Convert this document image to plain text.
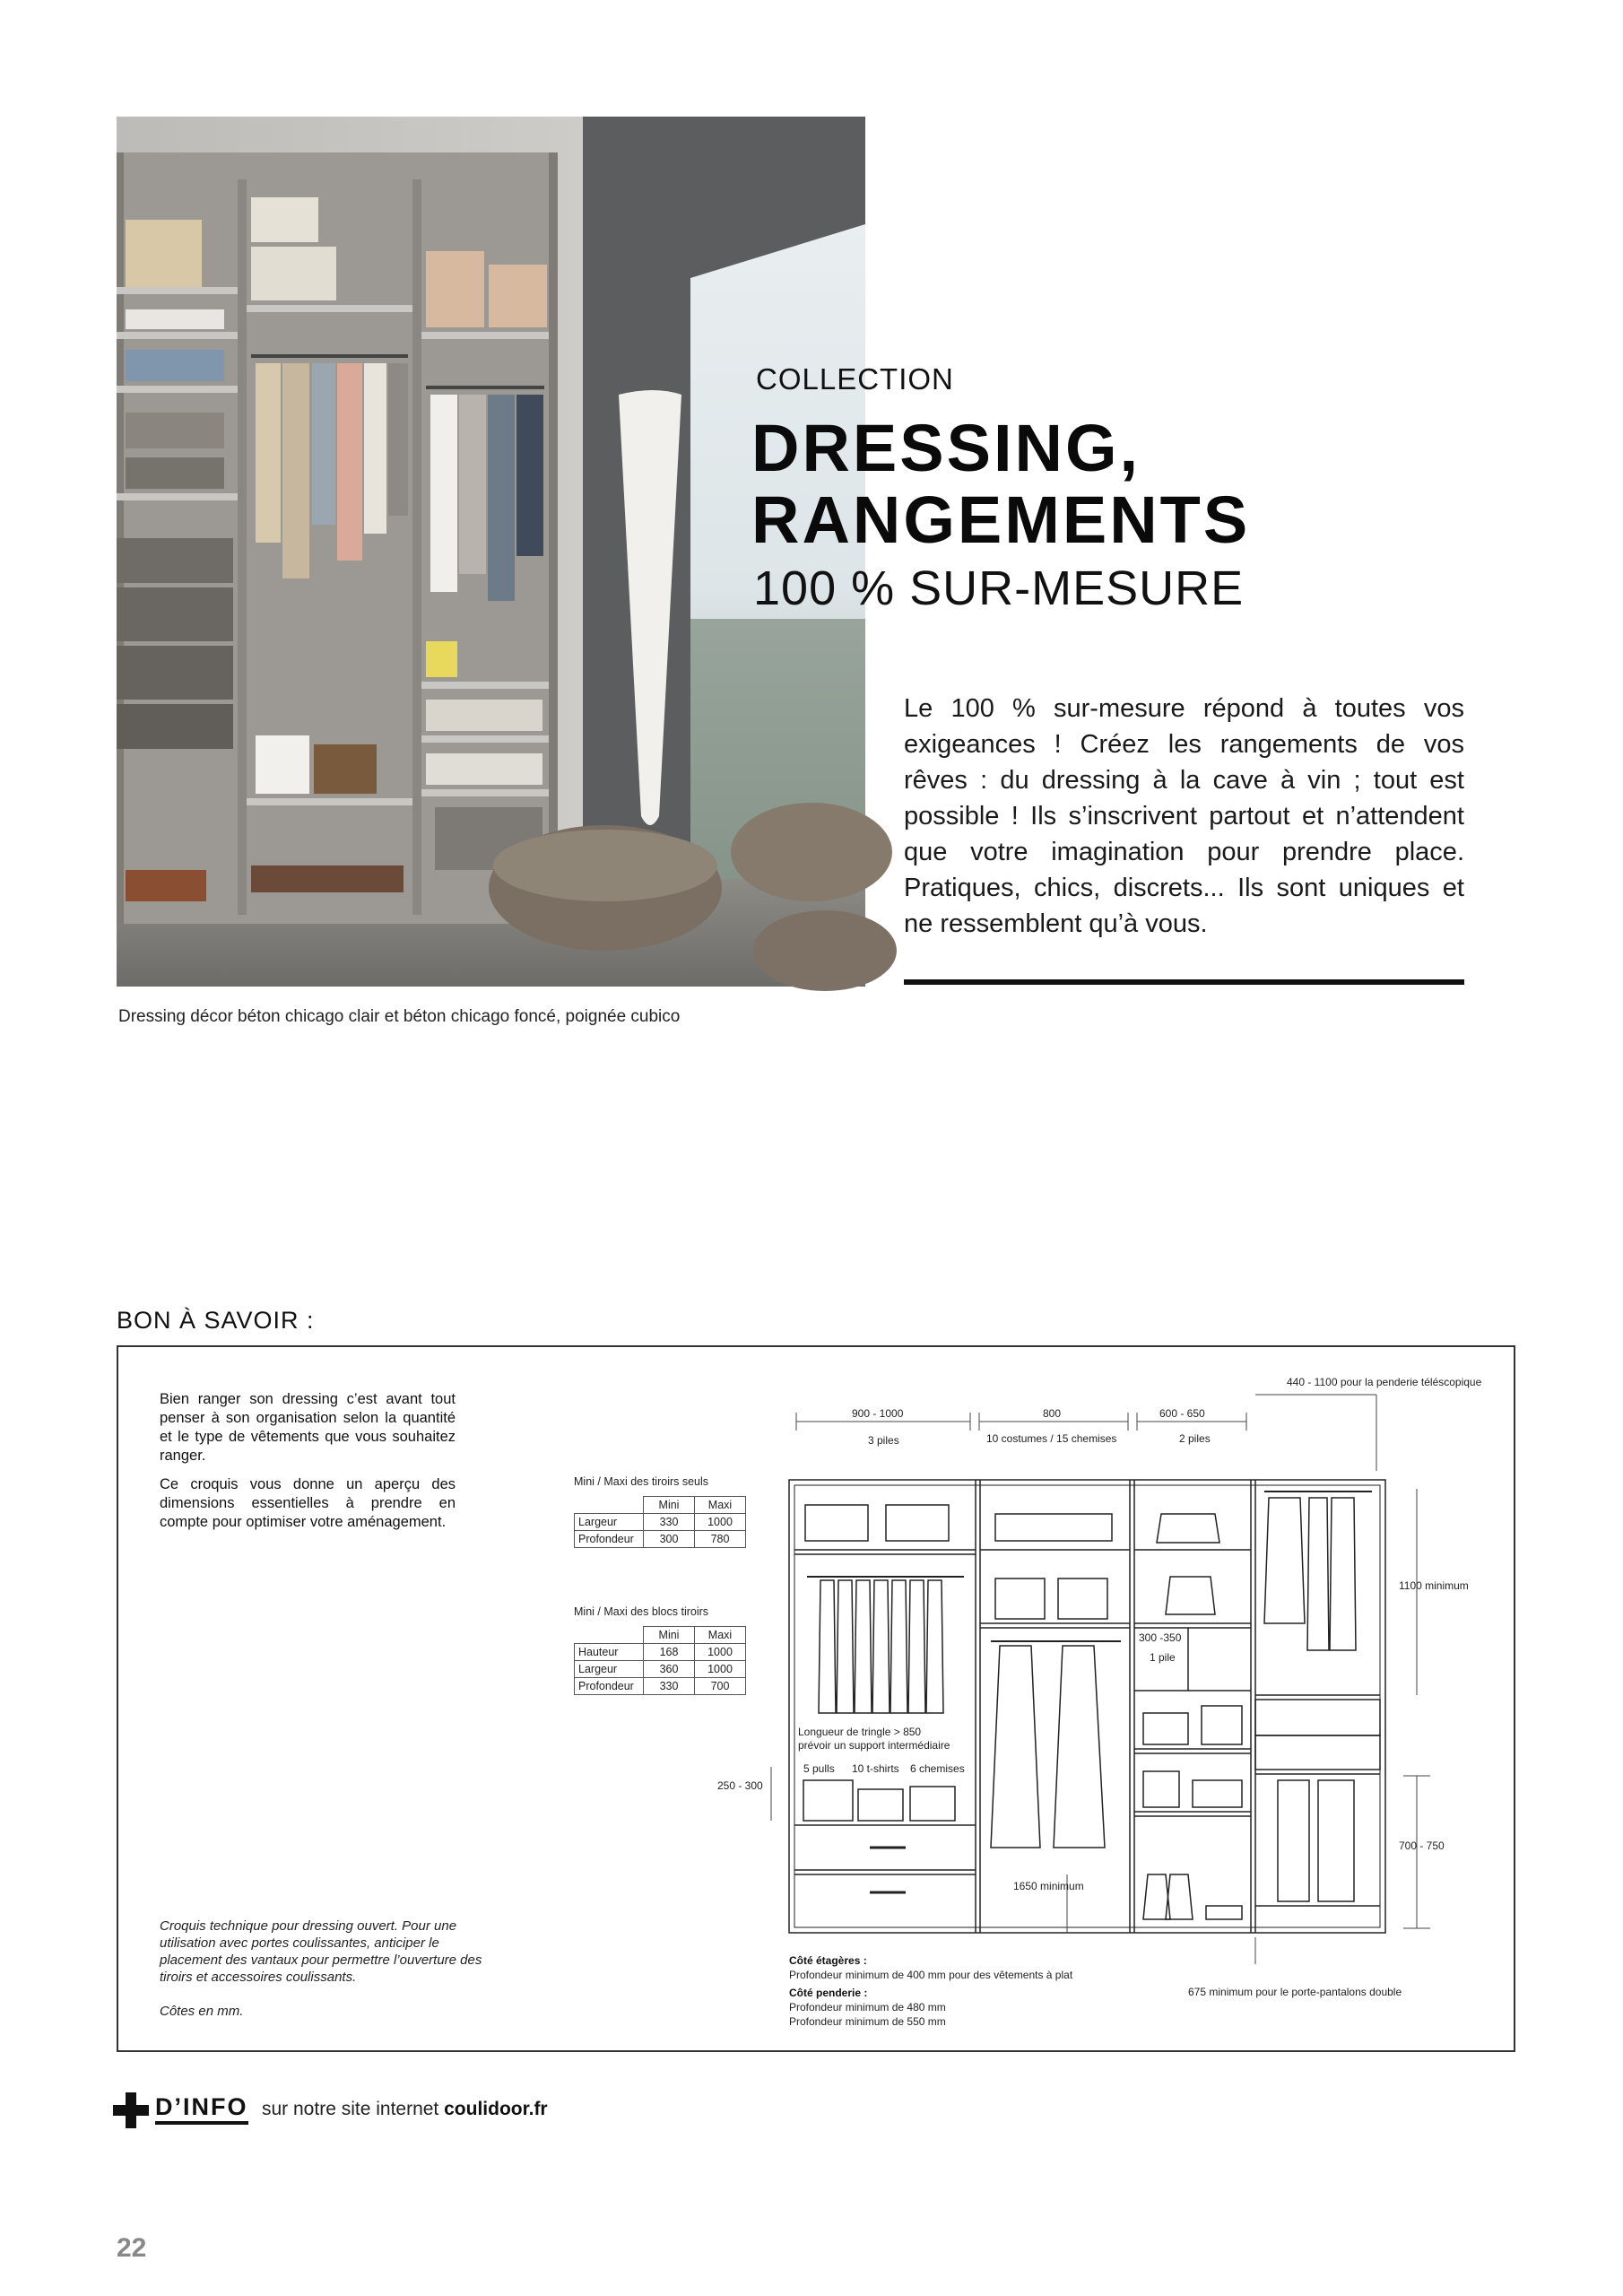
Dressing décor béton chicago clair et béton chicago foncé, poignée cubico
COLLECTION
DRESSING,
RANGEMENTS
100 % SUR-MESURE
Le 100 % sur-mesure répond à toutes vos exigeances ! Créez les rangements de vos rêves : du dressing à la cave à vin ; tout est possible ! Ils s’inscrivent partout et n’attendent que votre imagination pour prendre place. Pratiques, chics, discrets... Ils sont uniques et ne ressemblent qu’à vous.
BON À SAVOIR :
Bien ranger son dressing c’est avant tout penser à son organisation selon la quantité et le type de vêtements que vous souhaitez ranger.
Ce croquis vous donne un aperçu des dimensions essentielles à prendre en compte pour optimiser votre aménagement.
Croquis technique pour dressing ouvert. Pour une utilisation avec portes coulissantes, anticiper le placement des vantaux pour permettre l’ouverture des tiroirs et accessoires coulissants.
Côtes en mm.
Mini / Maxi des tiroirs seuls
	Mini	Maxi
Largeur	330	1000
Profondeur	300	780
Mini / Maxi des blocs tiroirs
	Mini	Maxi
Hauteur	168	1000
Largeur	360	1000
Profondeur	330	700
440 - 1100 pour la penderie téléscopique
900 - 1000
3 piles
800
10 costumes / 15 chemises
600 - 650
2 piles
1100 minimum
700 - 750
250 - 300
300 -350
1 pile
Longueur de tringle > 850
prévoir un support intermédiaire
5 pulls 10 t-shirts 6 chemises
1650 minimum
Côté étagères :
Profondeur minimum de 400 mm pour des vêtements à plat
Côté penderie :
Profondeur minimum de 480 mm
Profondeur minimum de 550 mm
675 minimum pour le porte-pantalons double
D’INFO sur notre site internet coulidoor.fr
22
